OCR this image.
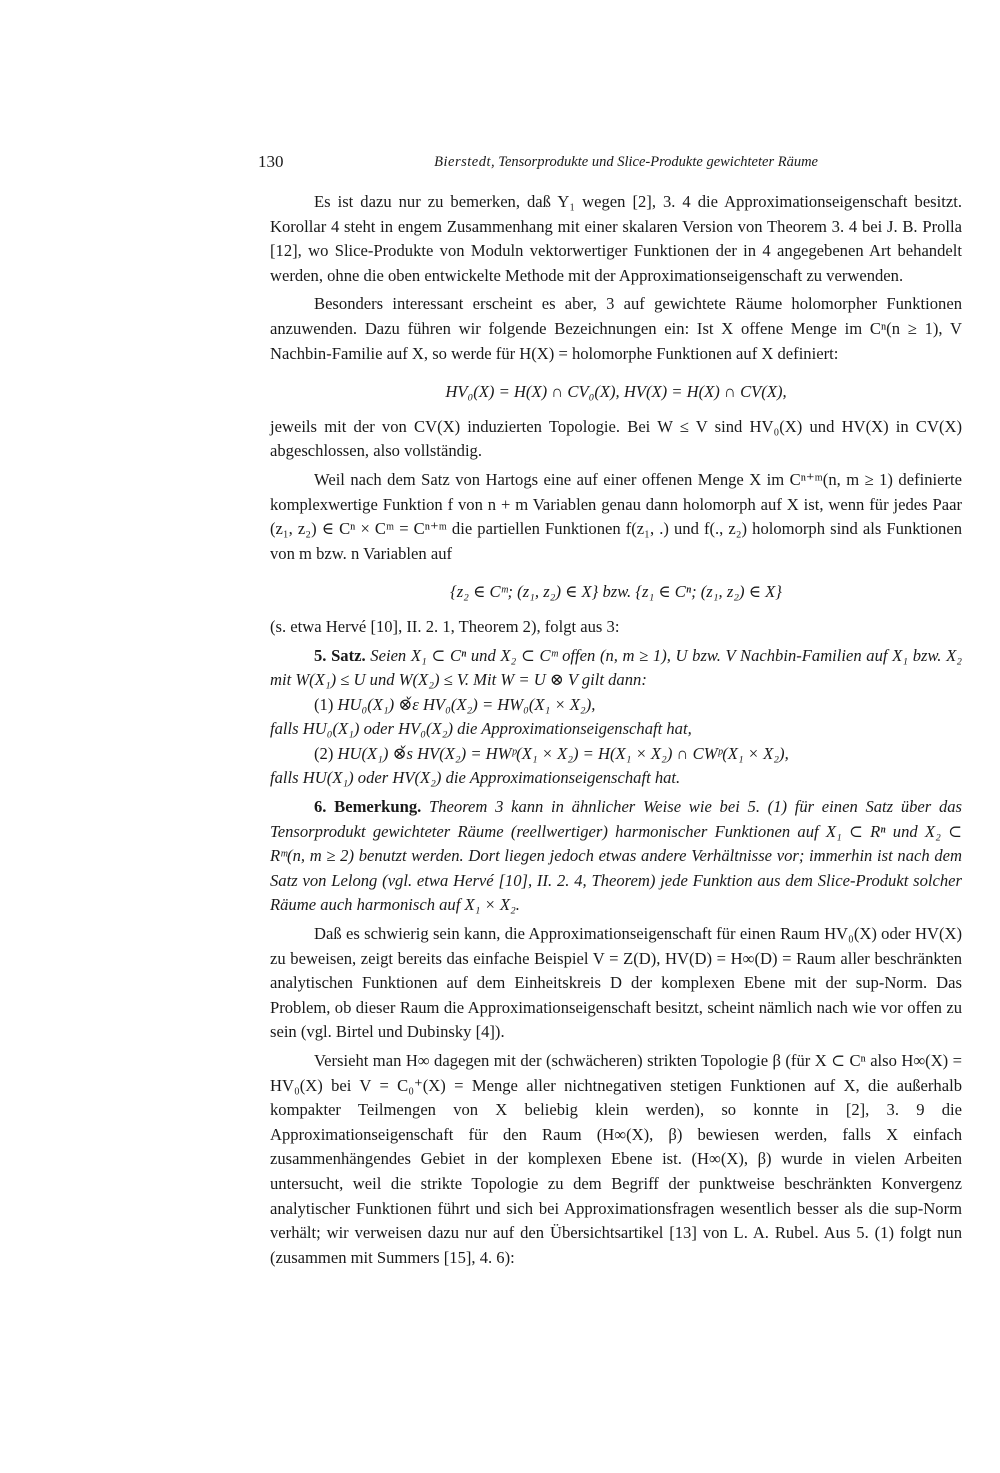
130	Bierstedt, Tensorprodukte und Slice-Produkte gewichteter Räume

Es ist dazu nur zu bemerken, daß Y₁ wegen [2], 3. 4 die Approximationseigenschaft besitzt. Korollar 4 steht in engem Zusammenhang mit einer skalaren Version von Theorem 3. 4 bei J. B. Prolla [12], wo Slice-Produkte von Moduln vektorwertiger Funktionen der in 4 angegebenen Art behandelt werden, ohne die oben entwickelte Methode mit der Approximationseigenschaft zu verwenden.

Besonders interessant erscheint es aber, 3 auf gewichtete Räume holomorpher Funktionen anzuwenden. Dazu führen wir folgende Bezeichnungen ein: Ist X offene Menge im Cⁿ(n ≥ 1), V Nachbin-Familie auf X, so werde für H(X) = holomorphe Funktionen auf X definiert:

HV₀(X) = H(X) ∩ CV₀(X), HV(X) = H(X) ∩ CV(X),

jeweils mit der von CV(X) induzierten Topologie. Bei W ≤ V sind HV₀(X) und HV(X) in CV(X) abgeschlossen, also vollständig.

Weil nach dem Satz von Hartogs eine auf einer offenen Menge X im Cⁿ⁺ᵐ(n, m ≥ 1) definierte komplexwertige Funktion f von n + m Variablen genau dann holomorph auf X ist, wenn für jedes Paar (z₁, z₂) ∈ Cⁿ × Cᵐ = Cⁿ⁺ᵐ die partiellen Funktionen f(z₁, .) und f(., z₂) holomorph sind als Funktionen von m bzw. n Variablen auf

{z₂ ∈ Cᵐ; (z₁, z₂) ∈ X} bzw. {z₁ ∈ Cⁿ; (z₁, z₂) ∈ X}

(s. etwa Hervé [10], II. 2. 1, Theorem 2), folgt aus 3:

5. Satz. Seien X₁ ⊂ Cⁿ und X₂ ⊂ Cᵐ offen (n, m ≥ 1), U bzw. V Nachbin-Familien auf X₁ bzw. X₂ mit W(X₁) ≤ U und W(X₂) ≤ V. Mit W = U ⊗ V gilt dann:

(1) HU₀(X₁) ⊗̌ε HV₀(X₂) = HW₀(X₁ × X₂),
falls HU₀(X₁) oder HV₀(X₂) die Approximationseigenschaft hat,
(2) HU(X₁) ⊗̌s HV(X₂) = HWᵖ(X₁ × X₂) = H(X₁ × X₂) ∩ CWᵖ(X₁ × X₂),
falls HU(X₁) oder HV(X₂) die Approximationseigenschaft hat.

6. Bemerkung. Theorem 3 kann in ähnlicher Weise wie bei 5. (1) für einen Satz über das Tensorprodukt gewichteter Räume (reellwertiger) harmonischer Funktionen auf X₁ ⊂ Rⁿ und X₂ ⊂ Rᵐ(n, m ≥ 2) benutzt werden. Dort liegen jedoch etwas andere Verhältnisse vor; immerhin ist nach dem Satz von Lelong (vgl. etwa Hervé [10], II. 2. 4, Theorem) jede Funktion aus dem Slice-Produkt solcher Räume auch harmonisch auf X₁ × X₂.

Daß es schwierig sein kann, die Approximationseigenschaft für einen Raum HV₀(X) oder HV(X) zu beweisen, zeigt bereits das einfache Beispiel V = Z(D), HV(D) = H∞(D) = Raum aller beschränkten analytischen Funktionen auf dem Einheitskreis D der komplexen Ebene mit der sup-Norm. Das Problem, ob dieser Raum die Approximationseigenschaft besitzt, scheint nämlich nach wie vor offen zu sein (vgl. Birtel und Dubinsky [4]).

Versieht man H∞ dagegen mit der (schwächeren) strikten Topologie β (für X ⊂ Cⁿ also H∞(X) = HV₀(X) bei V = C₀⁺(X) = Menge aller nichtnegativen stetigen Funktionen auf X, die außerhalb kompakter Teilmengen von X beliebig klein werden), so konnte in [2], 3. 9 die Approximationseigenschaft für den Raum (H∞(X), β) bewiesen werden, falls X einfach zusammenhängendes Gebiet in der komplexen Ebene ist. (H∞(X), β) wurde in vielen Arbeiten untersucht, weil die strikte Topologie zu dem Begriff der punktweise beschränkten Konvergenz analytischer Funktionen führt und sich bei Approximationsfragen wesentlich besser als die sup-Norm verhält; wir verweisen dazu nur auf den Übersichtsartikel [13] von L. A. Rubel. Aus 5. (1) folgt nun (zusammen mit Summers [15], 4. 6):
